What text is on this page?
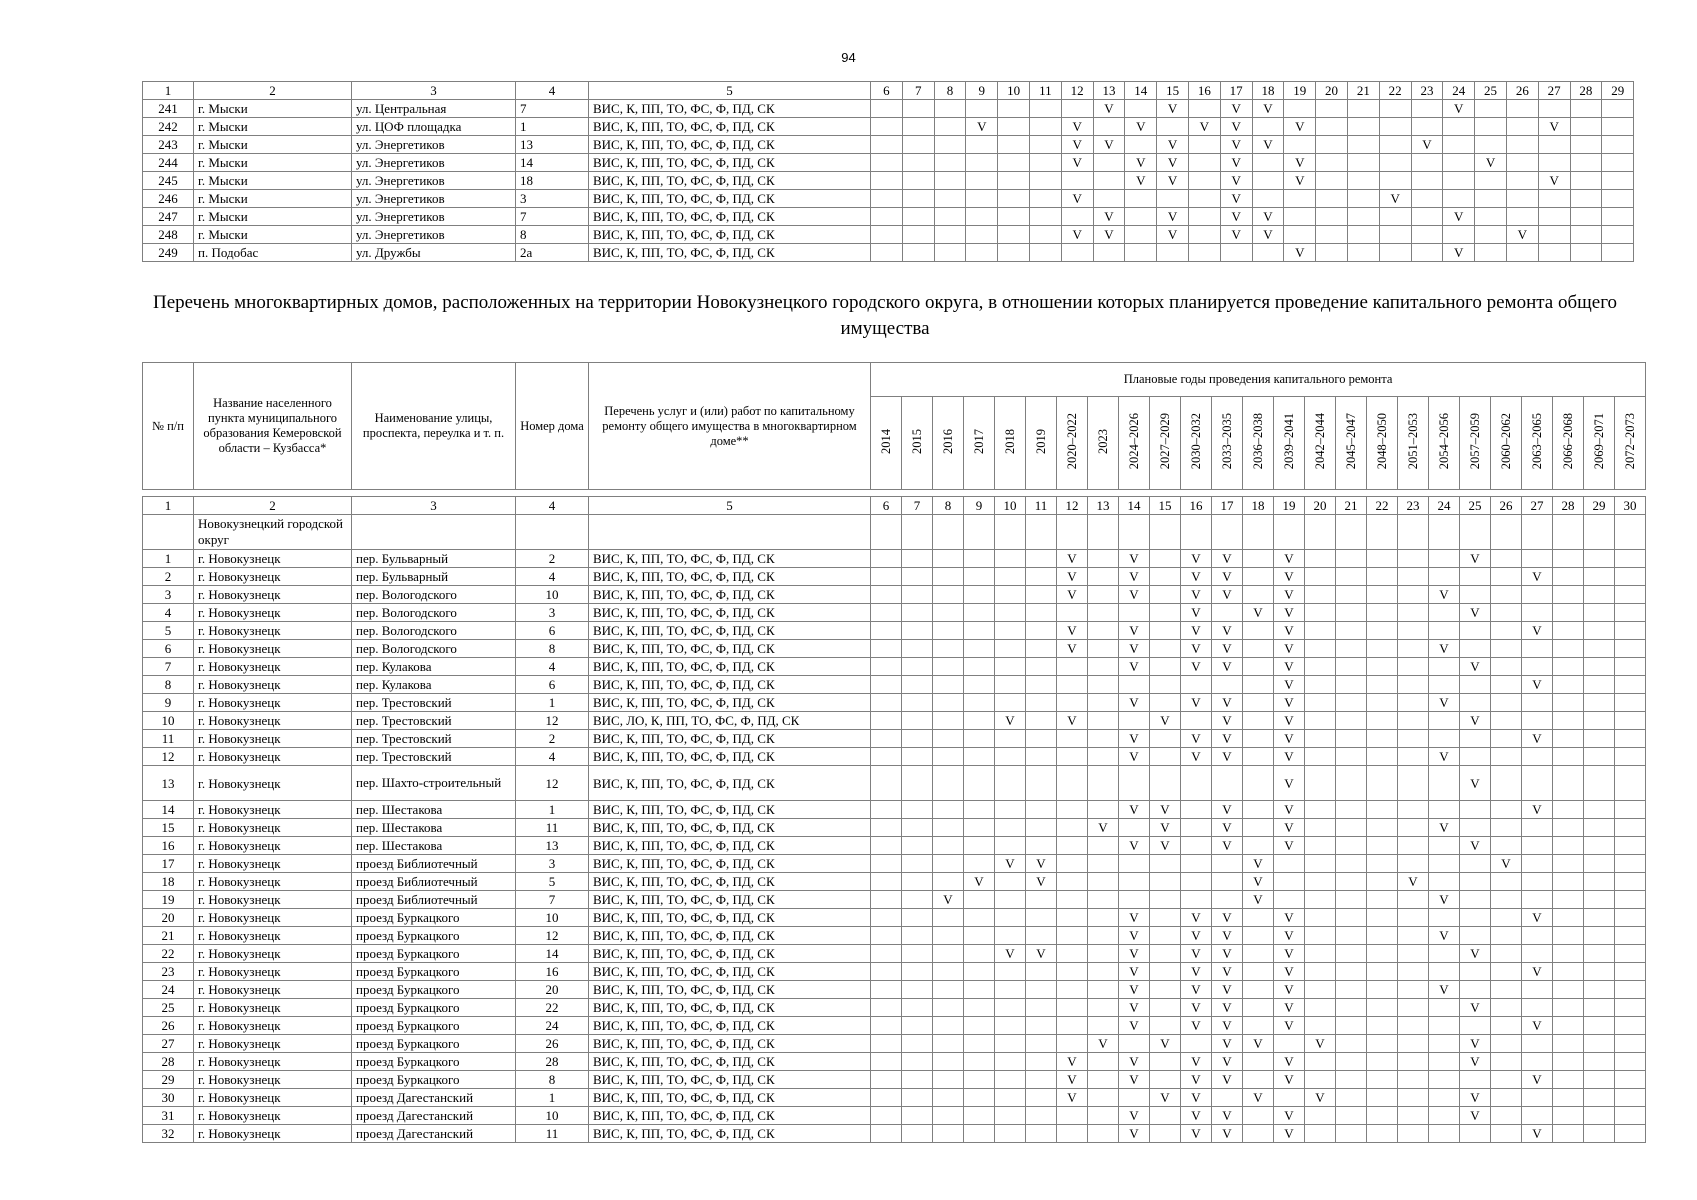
94
1	2	3	4	5	6	7	8	9	10	11	12	13	14	15	16	17	18	19	20	21	22	23	24	25	26	27	28	29
241	г. Мыски	ул. Центральная	7	ВИС, К, ПП, ТО, ФС, Ф, ПД, СК								V		V		V	V						V					
242	г. Мыски	ул. ЦОФ площадка	1	ВИС, К, ПП, ТО, ФС, Ф, ПД, СК				V			V		V		V	V		V								V		
243	г. Мыски	ул. Энергетиков	13	ВИС, К, ПП, ТО, ФС, Ф, ПД, СК							V	V		V		V	V					V						
244	г. Мыски	ул. Энергетиков	14	ВИС, К, ПП, ТО, ФС, Ф, ПД, СК							V		V	V		V		V						V				
245	г. Мыски	ул. Энергетиков	18	ВИС, К, ПП, ТО, ФС, Ф, ПД, СК									V	V		V		V								V		
246	г. Мыски	ул. Энергетиков	3	ВИС, К, ПП, ТО, ФС, Ф, ПД, СК							V					V					V							
247	г. Мыски	ул. Энергетиков	7	ВИС, К, ПП, ТО, ФС, Ф, ПД, СК								V		V		V	V						V					
248	г. Мыски	ул. Энергетиков	8	ВИС, К, ПП, ТО, ФС, Ф, ПД, СК							V	V		V		V	V								V			
249	п. Подобас	ул. Дружбы	2а	ВИС, К, ПП, ТО, ФС, Ф, ПД, СК														V					V					
Перечень многоквартирных домов, расположенных на территории Новокузнецкого городского округа, в отношении которых планируется проведение капитального ремонта общего имущества
№ п/п	Название населенного пункта муниципального образования Кемеровской области – Кузбасса*	Наименование улицы, проспекта, переулка и т. п.	Номер дома	Перечень услуг и (или) работ по капитальному ремонту общего имущества в многоквартирном доме**	Плановые годы проведения капитального ремонта																								
					2014	2015	2016	2017	2018	2019	2020–2022	2023	2024–2026	2027–2029	2030–2032	2033–2035	2036–2038	2039–2041	2042–2044	2045–2047	2048–2050	2051–2053	2054–2056	2057–2059	2060–2062	2063–2065	2066–2068	2069–2071	2072–2073
1	2	3	4	5	6	7	8	9	10	11	12	13	14	15	16	17	18	19	20	21	22	23	24	25	26	27	28	29	30
	Новокузнецкий городской округ																												
1	г. Новокузнецк	пер. Бульварный	2	ВИС, К, ПП, ТО, ФС, Ф, ПД, СК							V		V		V	V		V						V					
2	г. Новокузнецк	пер. Бульварный	4	ВИС, К, ПП, ТО, ФС, Ф, ПД, СК							V		V		V	V		V								V			
3	г. Новокузнецк	пер. Вологодского	10	ВИС, К, ПП, ТО, ФС, Ф, ПД, СК							V		V		V	V		V					V						
4	г. Новокузнецк	пер. Вологодского	3	ВИС, К, ПП, ТО, ФС, Ф, ПД, СК											V		V	V						V					
5	г. Новокузнецк	пер. Вологодского	6	ВИС, К, ПП, ТО, ФС, Ф, ПД, СК							V		V		V	V		V								V			
6	г. Новокузнецк	пер. Вологодского	8	ВИС, К, ПП, ТО, ФС, Ф, ПД, СК							V		V		V	V		V					V						
7	г. Новокузнецк	пер. Кулакова	4	ВИС, К, ПП, ТО, ФС, Ф, ПД, СК									V		V	V		V						V					
8	г. Новокузнецк	пер. Кулакова	6	ВИС, К, ПП, ТО, ФС, Ф, ПД, СК														V								V			
9	г. Новокузнецк	пер. Трестовский	1	ВИС, К, ПП, ТО, ФС, Ф, ПД, СК									V		V	V		V					V						
10	г. Новокузнецк	пер. Трестовский	12	ВИС, ЛО, К, ПП, ТО, ФС, Ф, ПД, СК					V		V			V		V		V						V					
11	г. Новокузнецк	пер. Трестовский	2	ВИС, К, ПП, ТО, ФС, Ф, ПД, СК									V		V	V		V								V			
12	г. Новокузнецк	пер. Трестовский	4	ВИС, К, ПП, ТО, ФС, Ф, ПД, СК									V		V	V		V					V						
13	г. Новокузнецк	пер. Шахто-строительный	12	ВИС, К, ПП, ТО, ФС, Ф, ПД, СК														V						V					
14	г. Новокузнецк	пер. Шестакова	1	ВИС, К, ПП, ТО, ФС, Ф, ПД, СК									V	V		V		V								V			
15	г. Новокузнецк	пер. Шестакова	11	ВИС, К, ПП, ТО, ФС, Ф, ПД, СК								V		V		V		V					V						
16	г. Новокузнецк	пер. Шестакова	13	ВИС, К, ПП, ТО, ФС, Ф, ПД, СК									V	V		V		V						V					
17	г. Новокузнецк	проезд Библиотечный	3	ВИС, К, ПП, ТО, ФС, Ф, ПД, СК					V	V							V								V				
18	г. Новокузнецк	проезд Библиотечный	5	ВИС, К, ПП, ТО, ФС, Ф, ПД, СК				V		V							V					V							
19	г. Новокузнецк	проезд Библиотечный	7	ВИС, К, ПП, ТО, ФС, Ф, ПД, СК			V										V						V						
20	г. Новокузнецк	проезд Буркацкого	10	ВИС, К, ПП, ТО, ФС, Ф, ПД, СК									V		V	V		V								V			
21	г. Новокузнецк	проезд Буркацкого	12	ВИС, К, ПП, ТО, ФС, Ф, ПД, СК									V		V	V		V					V						
22	г. Новокузнецк	проезд Буркацкого	14	ВИС, К, ПП, ТО, ФС, Ф, ПД, СК					V	V			V		V	V		V						V					
23	г. Новокузнецк	проезд Буркацкого	16	ВИС, К, ПП, ТО, ФС, Ф, ПД, СК									V		V	V		V								V			
24	г. Новокузнецк	проезд Буркацкого	20	ВИС, К, ПП, ТО, ФС, Ф, ПД, СК									V		V	V		V					V						
25	г. Новокузнецк	проезд Буркацкого	22	ВИС, К, ПП, ТО, ФС, Ф, ПД, СК									V		V	V		V						V					
26	г. Новокузнецк	проезд Буркацкого	24	ВИС, К, ПП, ТО, ФС, Ф, ПД, СК									V		V	V		V								V			
27	г. Новокузнецк	проезд Буркацкого	26	ВИС, К, ПП, ТО, ФС, Ф, ПД, СК								V		V		V	V		V					V					
28	г. Новокузнецк	проезд Буркацкого	28	ВИС, К, ПП, ТО, ФС, Ф, ПД, СК							V		V		V	V		V						V					
29	г. Новокузнецк	проезд Буркацкого	8	ВИС, К, ПП, ТО, ФС, Ф, ПД, СК							V		V		V	V		V								V			
30	г. Новокузнецк	проезд Дагестанский	1	ВИС, К, ПП, ТО, ФС, Ф, ПД, СК							V			V	V		V		V					V					
31	г. Новокузнецк	проезд Дагестанский	10	ВИС, К, ПП, ТО, ФС, Ф, ПД, СК									V		V	V		V						V					
32	г. Новокузнецк	проезд Дагестанский	11	ВИС, К, ПП, ТО, ФС, Ф, ПД, СК									V		V	V		V								V			
